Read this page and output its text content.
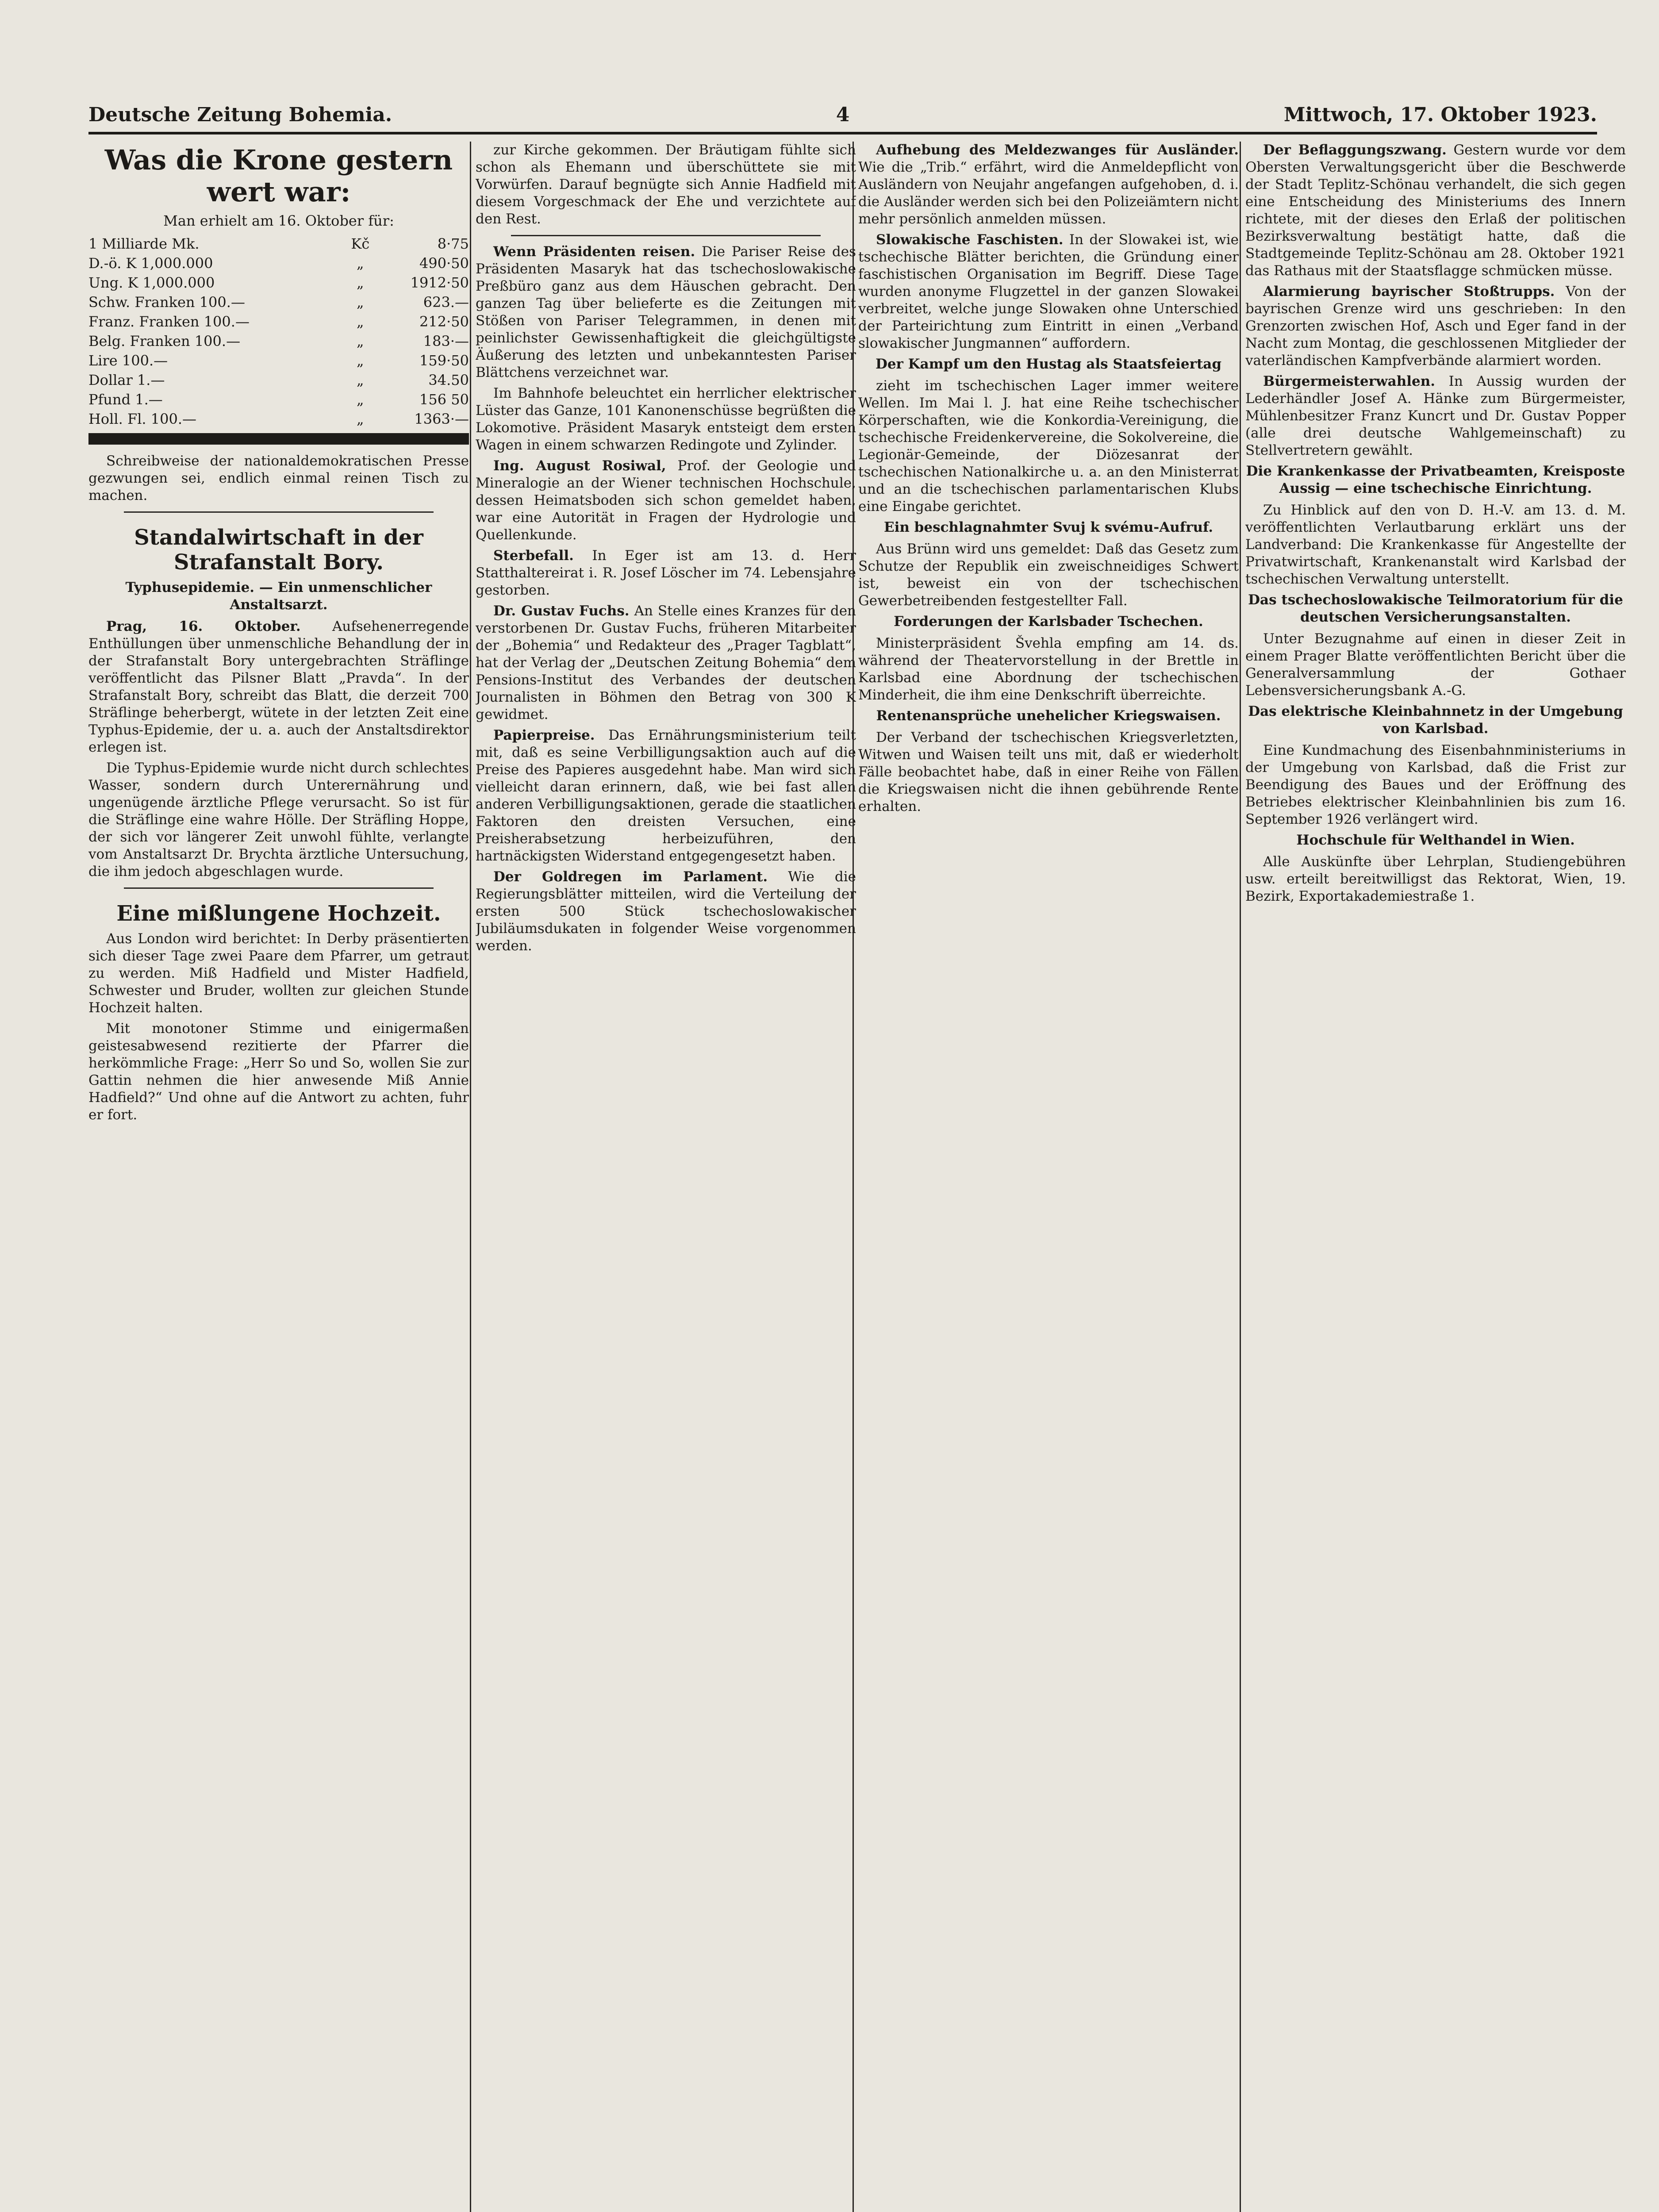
Deutsche Zeitung Bohemia.	4	Mittwoch, 17. Oktober 1923.
Was die Krone gestern wert war:
Man erhielt am 16. Oktober für:
1 Milliarde Mk.	Kč	8·75
D.-ö. K 1,000.000	„	490·50
Ung. K 1,000.000	„	1912·50
Schw. Franken 100.—	„	623.—
Franz. Franken 100.—	„	212·50
Belg. Franken 100.—	„	183·—
Lire 100.—	„	159·50
Dollar 1.—	„	34.50
Pfund 1.—	„	156 50
Holl. Fl. 100.—	„	1363·—

Schreibweise der nationaldemokratischen Presse gezwungen sei, endlich einmal reinen Tisch zu machen.

Standalwirtschaft in der Strafanstalt Bory.
Typhusepidemie. — Ein unmenschlicher Anstaltsarzt.

Prag, 16. Oktober. Aufsehenerregende Enthüllungen über unmenschliche Behandlung der in der Strafanstalt Bory untergebrachten Sträflinge veröffentlicht das Pilsner Blatt „Pravda“. In der Strafanstalt Bory, schreibt das Blatt, die derzeit 700 Sträflinge beherbergt, wütete in der letzten Zeit eine Typhus-Epidemie, der u. a. auch der Anstaltsdirektor erlegen ist.

Die Typhus-Epidemie wurde nicht durch schlechtes Wasser, sondern durch Unterernährung und ungenügende ärztliche Pflege verursacht. So ist für die Sträflinge eine wahre Hölle. Der Sträfling Hoppe, der sich vor längerer Zeit unwohl fühlte, verlangte vom Anstaltsarzt Dr. Brychta ärztliche Untersuchung, die ihm jedoch abgeschlagen wurde.

Eine mißlungene Hochzeit.

Aus London wird berichtet: In Derby präsentierten sich dieser Tage zwei Paare dem Pfarrer, um getraut zu werden. Miß Hadfield und Mister Hadfield, Schwester und Bruder, wollten zur gleichen Stunde Hochzeit halten.

Mit monotoner Stimme und einigermaßen geistesabwesend rezitierte der Pfarrer die herkömmliche Frage: „Herr So und So, wollen Sie zur Gattin nehmen die hier anwesende Miß Annie Hadfield?“ Und ohne auf die Antwort zu achten, fuhr er fort.

zur Kirche gekommen. Der Bräutigam fühlte sich schon als Ehemann und überschüttete sie mit Vorwürfen. Darauf begnügte sich Annie Hadfield mit diesem Vorgeschmack der Ehe und verzichtete auf den Rest.

Wenn Präsidenten reisen. Die Pariser Reise des Präsidenten Masaryk hat das tschechoslowakische Preßbüro ganz aus dem Häuschen gebracht. Den ganzen Tag über belieferte es die Zeitungen mit Stößen von Pariser Telegrammen, in denen mit peinlichster Gewissenhaftigkeit die gleichgültigste Äußerung des letzten und unbekanntesten Pariser Blättchens verzeichnet war.

Im Bahnhofe beleuchtet ein herrlicher elektrischer Lüster das Ganze, 101 Kanonenschüsse begrüßten die Lokomotive. Präsident Masaryk entsteigt dem ersten Wagen in einem schwarzen Redingote und Zylinder.

Ing. August Rosiwal, Prof. der Geologie und Mineralogie an der Wiener technischen Hochschule, dessen Heimatsboden sich schon gemeldet haben, war eine Autorität in Fragen der Hydrologie und Quellenkunde.

Sterbefall. In Eger ist am 13. d. Herr Statthaltereirat i. R. Josef Löscher im 74. Lebensjahre gestorben.

Dr. Gustav Fuchs. An Stelle eines Kranzes für den verstorbenen Dr. Gustav Fuchs, früheren Mitarbeiter der „Bohemia“ und Redakteur des „Prager Tagblatt“, hat der Verlag der „Deutschen Zeitung Bohemia“ dem Pensions-Institut des Verbandes der deutschen Journalisten in Böhmen den Betrag von 300 K gewidmet.

Papierpreise. Das Ernährungsministerium teilt mit, daß es seine Verbilligungsaktion auch auf die Preise des Papieres ausgedehnt habe. Man wird sich vielleicht daran erinnern, daß, wie bei fast allen anderen Verbilligungsaktionen, gerade die staatlichen Faktoren den dreisten Versuchen, eine Preisherabsetzung herbeizuführen, den hartnäckigsten Widerstand entgegengesetzt haben.

Der Goldregen im Parlament. Wie die Regierungsblätter mitteilen, wird die Verteilung der ersten 500 Stück tschechoslowakischer Jubiläumsdukaten in folgender Weise vorgenommen werden.

Aufhebung des Meldezwanges für Ausländer. Wie die „Trib.“ erfährt, wird die Anmeldepflicht von Ausländern von Neujahr angefangen aufgehoben, d. i. die Ausländer werden sich bei den Polizeiämtern nicht mehr persönlich anmelden müssen.

Slowakische Faschisten. In der Slowakei ist, wie tschechische Blätter berichten, die Gründung einer faschistischen Organisation im Begriff. Diese Tage wurden anonyme Flugzettel in der ganzen Slowakei verbreitet, welche junge Slowaken ohne Unterschied der Parteirichtung zum Eintritt in einen „Verband slowakischer Jungmannen“ auffordern.

Der Kampf um den Hustag als Staatsfeiertag

zieht im tschechischen Lager immer weitere Wellen. Im Mai l. J. hat eine Reihe tschechischer Körperschaften, wie die Konkordia-Vereinigung, die tschechische Freidenkervereine, die Sokolvereine, die Legionär-Gemeinde, der Diözesanrat der tschechischen Nationalkirche u. a. an den Ministerrat und an die tschechischen parlamentarischen Klubs eine Eingabe gerichtet.

Ein beschlagnahmter Svuj k svému-Aufruf.

Aus Brünn wird uns gemeldet: Daß das Gesetz zum Schutze der Republik ein zweischneidiges Schwert ist, beweist ein von der tschechischen Gewerbetreibenden festgestellter Fall.

Forderungen der Karlsbader Tschechen.

Ministerpräsident Švehla empfing am 14. ds. während der Theatervorstellung in der Brettle in Karlsbad eine Abordnung der tschechischen Minderheit, die ihm eine Denkschrift überreichte.

Rentenansprüche unehelicher Kriegswaisen.

Der Verband der tschechischen Kriegsverletzten, Witwen und Waisen teilt uns mit, daß er wiederholt Fälle beobachtet habe, daß in einer Reihe von Fällen die Kriegswaisen nicht die ihnen gebührende Rente erhalten.

Der Beflaggungszwang. Gestern wurde vor dem Obersten Verwaltungsgericht über die Beschwerde der Stadt Teplitz-Schönau verhandelt, die sich gegen eine Entscheidung des Ministeriums des Innern richtete, mit der dieses den Erlaß der politischen Bezirksverwaltung bestätigt hatte, daß die Stadtgemeinde Teplitz-Schönau am 28. Oktober 1921 das Rathaus mit der Staatsflagge schmücken müsse.

Alarmierung bayrischer Stoßtrupps. Von der bayrischen Grenze wird uns geschrieben: In den Grenzorten zwischen Hof, Asch und Eger fand in der Nacht zum Montag, die geschlossenen Mitglieder der vaterländischen Kampfverbände alarmiert worden.

Bürgermeisterwahlen. In Aussig wurden der Lederhändler Josef A. Hänke zum Bürgermeister, Mühlenbesitzer Franz Kuncrt und Dr. Gustav Popper (alle drei deutsche Wahlgemeinschaft) zu Stellvertretern gewählt.

Die Krankenkasse der Privatbeamten, Kreisposte Aussig — eine tschechische Einrichtung.

Zu Hinblick auf den von D. H.-V. am 13. d. M. veröffentlichten Verlautbarung erklärt uns der Landverband: Die Krankenkasse für Angestellte der Privatwirtschaft, Krankenanstalt wird Karlsbad der tschechischen Verwaltung unterstellt.

Das tschechoslowakische Teilmoratorium für die deutschen Versicherungsanstalten.

Unter Bezugnahme auf einen in dieser Zeit in einem Prager Blatte veröffentlichten Bericht über die Generalversammlung der Gothaer Lebensversicherungsbank A.-G.

Das elektrische Kleinbahnnetz in der Umgebung von Karlsbad.

Eine Kundmachung des Eisenbahnministeriums in der Umgebung von Karlsbad, daß die Frist zur Beendigung des Baues und der Eröffnung des Betriebes elektrischer Kleinbahnlinien bis zum 16. September 1926 verlängert wird.

Hochschule für Welthandel in Wien.

Alle Auskünfte über Lehrplan, Studiengebühren usw. erteilt bereitwilligst das Rektorat, Wien, 19. Bezirk, Exportakademiestraße 1.
